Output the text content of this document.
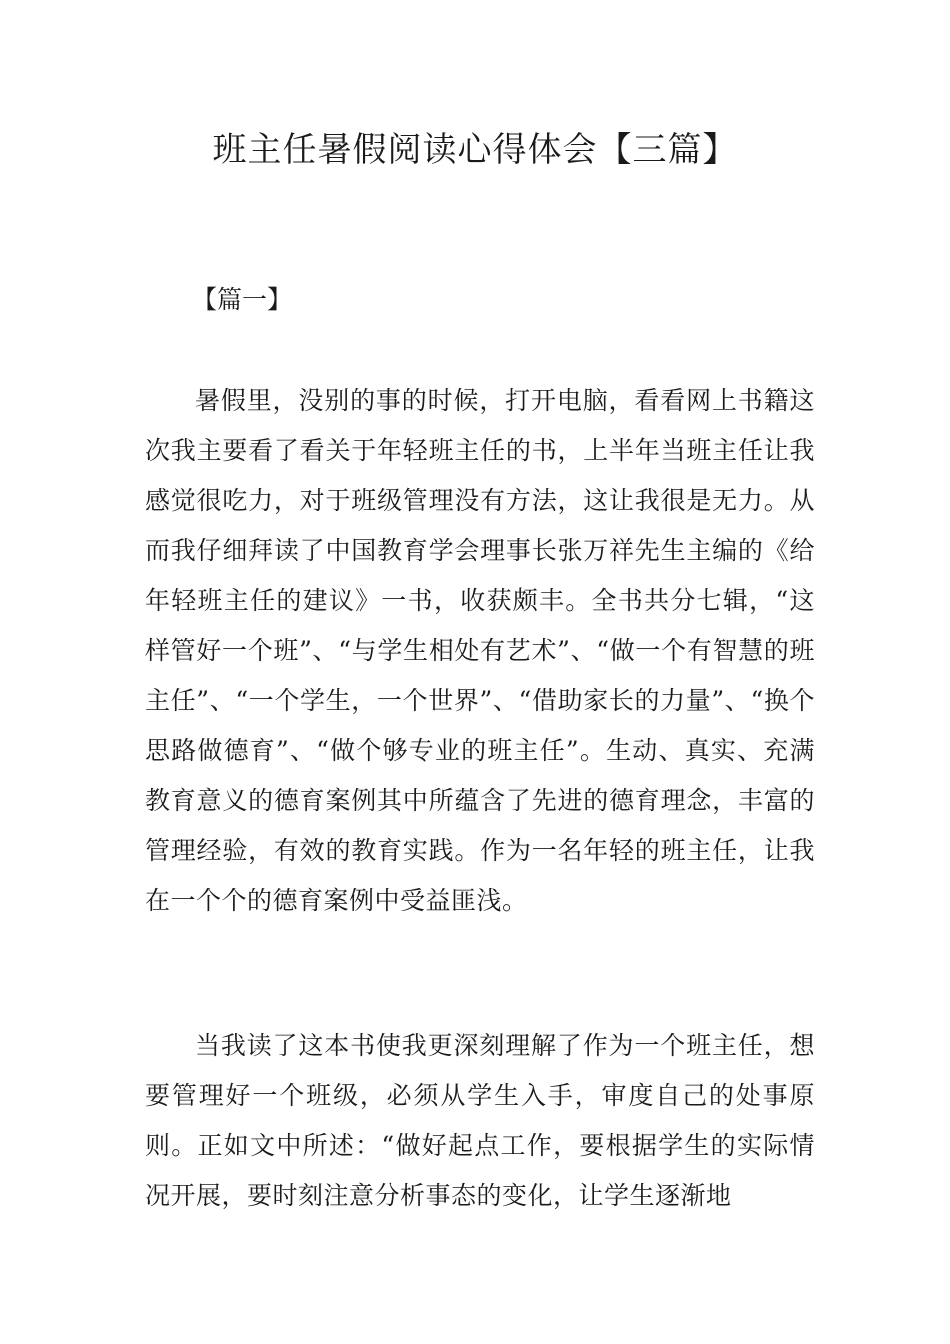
班主任暑假阅读心得体会【三篇】

【篇一】

暑假里，没别的事的时候，打开电脑，看看网上书籍这次我主要看了看关于年轻班主任的书，上半年当班主任让我感觉很吃力，对于班级管理没有方法，这让我很是无力。从而我仔细拜读了中国教育学会理事长张万祥先生主编的《给年轻班主任的建议》一书，收获颇丰。全书共分七辑，“这样管好一个班”、“与学生相处有艺术”、“做一个有智慧的班主任”、“一个学生，一个世界”、“借助家长的力量”、“换个思路做德育”、“做个够专业的班主任”。生动、真实、充满教育意义的德育案例其中所蕴含了先进的德育理念，丰富的管理经验，有效的教育实践。作为一名年轻的班主任，让我在一个个的德育案例中受益匪浅。

当我读了这本书使我更深刻理解了作为一个班主任，想要管理好一个班级，必须从学生入手，审度自己的处事原则。正如文中所述：“做好起点工作，要根据学生的实际情况开展，要时刻注意分析事态的变化，让学生逐渐地
